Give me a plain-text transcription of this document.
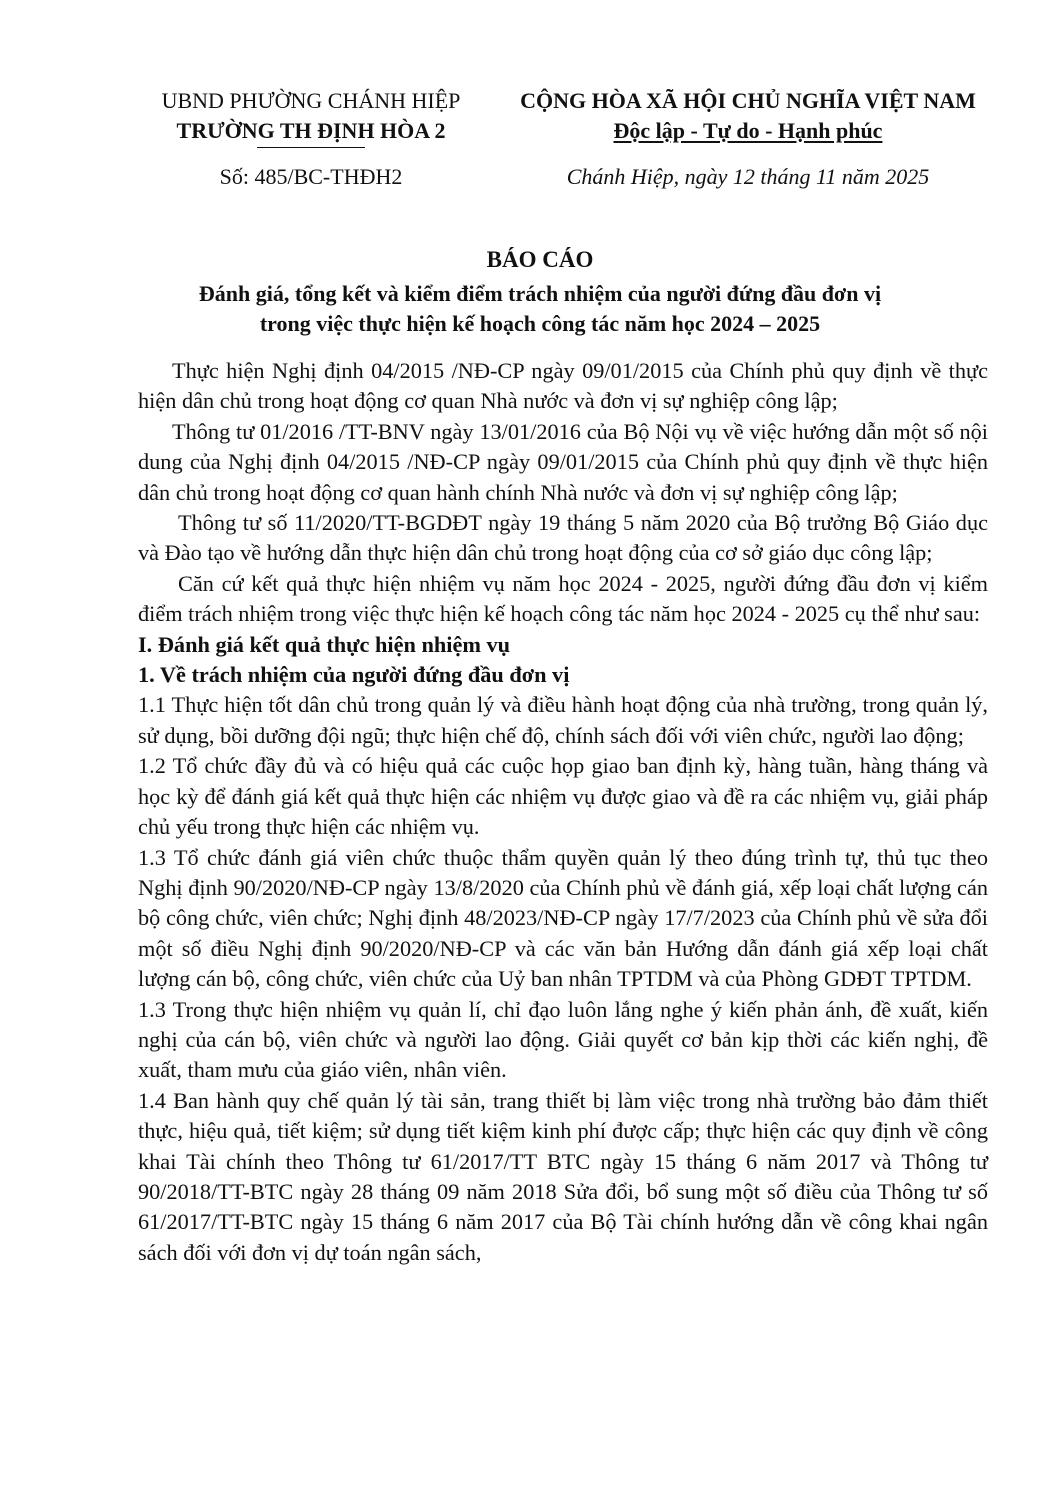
UBND PHƯỜNG CHÁNH HIỆP
TRƯỜNG TH ĐỊNH HÒA 2
CỘNG HÒA XÃ HỘI CHỦ NGHĨA VIỆT NAM
Độc lập - Tự do - Hạnh phúc
Số: 485/BC-THĐH2	Chánh Hiệp, ngày 12 tháng 11 năm 2025
BÁO CÁO
Đánh giá, tổng kết và kiểm điểm trách nhiệm của người đứng đầu đơn vị
trong việc thực hiện kế hoạch công tác năm học 2024 – 2025

Thực hiện Nghị định 04/2015 /NĐ-CP ngày 09/01/2015 của Chính phủ quy định về thực hiện dân chủ trong hoạt động cơ quan Nhà nước và đơn vị sự nghiệp công lập;

Thông tư 01/2016 /TT-BNV ngày 13/01/2016 của Bộ Nội vụ về việc hướng dẫn một số nội dung của Nghị định 04/2015 /NĐ-CP ngày 09/01/2015 của Chính phủ quy định về thực hiện dân chủ trong hoạt động cơ quan hành chính Nhà nước và đơn vị sự nghiệp công lập;

Thông tư số 11/2020/TT-BGDĐT ngày 19 tháng 5 năm 2020 của Bộ trưởng Bộ Giáo dục và Đào tạo về hướng dẫn thực hiện dân chủ trong hoạt động của cơ sở giáo dục công lập;

Căn cứ kết quả thực hiện nhiệm vụ năm học 2024 - 2025, người đứng đầu đơn vị kiểm điểm trách nhiệm trong việc thực hiện kế hoạch công tác năm học 2024 - 2025 cụ thể như sau:

I. Đánh giá kết quả thực hiện nhiệm vụ

1. Về trách nhiệm của người đứng đầu đơn vị

1.1 Thực hiện tốt dân chủ trong quản lý và điều hành hoạt động của nhà trường, trong quản lý, sử dụng, bồi dưỡng đội ngũ; thực hiện chế độ, chính sách đối với viên chức, người lao động;

1.2 Tổ chức đầy đủ và có hiệu quả các cuộc họp giao ban định kỳ, hàng tuần, hàng tháng và học kỳ để đánh giá kết quả thực hiện các nhiệm vụ được giao và đề ra các nhiệm vụ, giải pháp chủ yếu trong thực hiện các nhiệm vụ.

1.3 Tổ chức đánh giá viên chức thuộc thẩm quyền quản lý theo đúng trình tự, thủ tục theo Nghị định 90/2020/NĐ-CP ngày 13/8/2020 của Chính phủ về đánh giá, xếp loại chất lượng cán bộ công chức, viên chức; Nghị định 48/2023/NĐ-CP ngày 17/7/2023 của Chính phủ về sửa đổi một số điều Nghị định 90/2020/NĐ-CP và các văn bản Hướng dẫn đánh giá xếp loại chất lượng cán bộ, công chức, viên chức của Uỷ ban nhân TPTDM và của Phòng GDĐT TPTDM.

1.3 Trong thực hiện nhiệm vụ quản lí, chỉ đạo luôn lắng nghe ý kiến phản ánh, đề xuất, kiến nghị của cán bộ, viên chức và người lao động. Giải quyết cơ bản kịp thời các kiến nghị, đề xuất, tham mưu của giáo viên, nhân viên.

1.4 Ban hành quy chế quản lý tài sản, trang thiết bị làm việc trong nhà trường bảo đảm thiết thực, hiệu quả, tiết kiệm; sử dụng tiết kiệm kinh phí được cấp; thực hiện các quy định về công khai Tài chính theo Thông tư 61/2017/TT BTC ngày 15 tháng 6 năm 2017 và Thông tư 90/2018/TT-BTC ngày 28 tháng 09 năm 2018 Sửa đổi, bổ sung một số điều của Thông tư số 61/2017/TT-BTC ngày 15 tháng 6 năm 2017 của Bộ Tài chính hướng dẫn về công khai ngân sách đối với đơn vị dự toán ngân sách,
